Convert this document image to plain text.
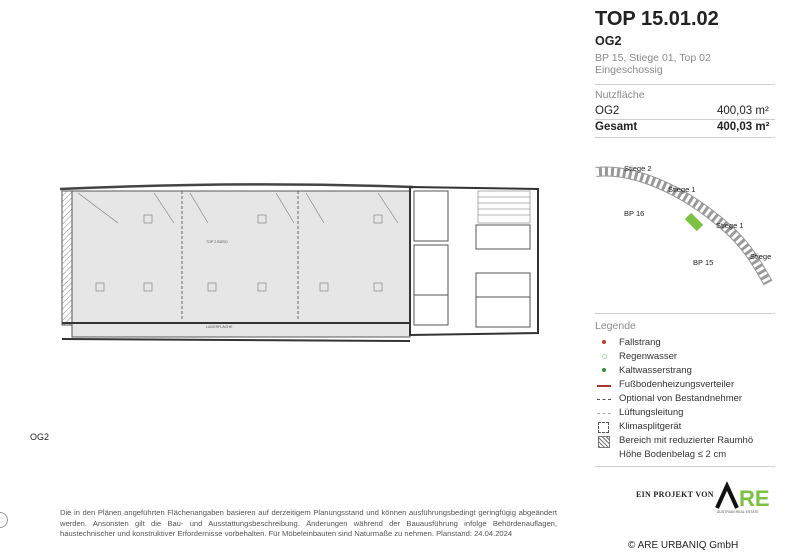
TOP 15.01.02
OG2
BP 15, Stiege 01, Top 02
Eingeschossig
Nutzfläche
OG2	400,03 m²
Gesamt	400,03 m²
Stiege 2
Stiege 1
BP 16
Stiege 1
BP 15
Stiege
Legende
Fallstrang
Regenwasser
Kaltwasserstrang
Fußbodenheizungsverteiler
Optional von Bestandnehmer
Lüftungsleitung
Klimasplitgerät
Bereich mit reduzierter Raumhö
Höhe Bodenbelag ≤ 2 cm
TOP 2 BÜRO
LAGERFLÄCHE
OG2
Die in den Plänen angeführten Flächenangaben basieren auf derzeitigem Planungsstand und können ausführungsbedingt geringfügig abgeändert werden. Ansonsten gilt die Bau- und Ausstattungsbeschreibung. Änderungen während der Bauausführung infolge Behördenauflagen, haustechnischer und konstruktiver Erfordernisse vorbehalten. Für Möbeleinbauten sind Naturmaße zu nehmen. Planstand: 24.04.2024
EIN PROJEKT VON RE
AUSTRIAN REAL ESTATE
© ARE URBANIQ GmbH
